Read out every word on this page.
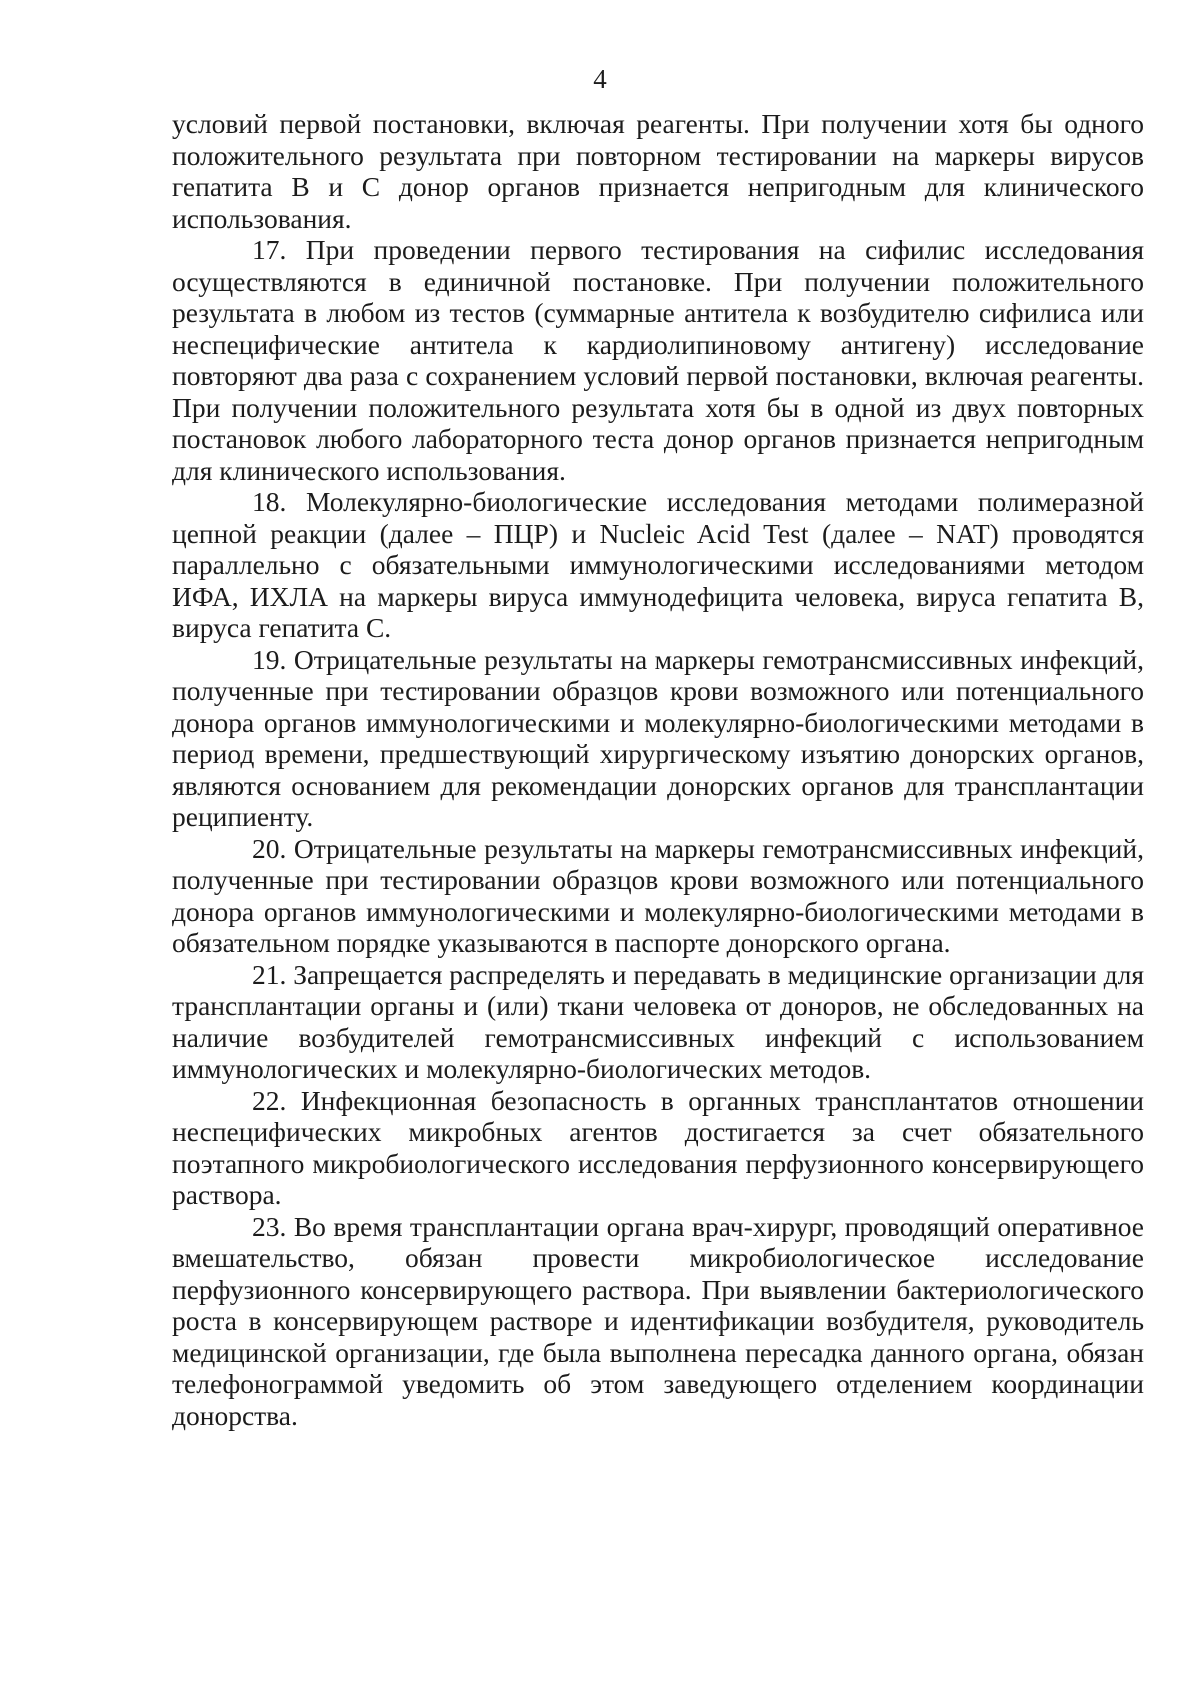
4

условий первой постановки, включая реагенты. При получении хотя бы одного положительного результата при повторном тестировании на маркеры вирусов гепатита В и С донор органов признается непригодным для клинического использования.

17. При проведении первого тестирования на сифилис исследования осуществляются в единичной постановке. При получении положительного результата в любом из тестов (суммарные антитела к возбудителю сифилиса или неспецифические антитела к кардиолипиновому антигену) исследование повторяют два раза с сохранением условий первой постановки, включая реагенты. При получении положительного результата хотя бы в одной из двух повторных постановок любого лабораторного теста донор органов признается непригодным для клинического использования.

18. Молекулярно-биологические исследования методами полимеразной цепной реакции (далее – ПЦР) и Nucleic Acid Test (далее – NAT) проводятся параллельно с обязательными иммунологическими исследованиями методом ИФА, ИХЛА на маркеры вируса иммунодефицита человека, вируса гепатита В, вируса гепатита С.

19. Отрицательные результаты на маркеры гемотрансмиссивных инфекций, полученные при тестировании образцов крови возможного или потенциального донора органов иммунологическими и молекулярно-биологическими методами в период времени, предшествующий хирургическому изъятию донорских органов, являются основанием для рекомендации донорских органов для трансплантации реципиенту.

20. Отрицательные результаты на маркеры гемотрансмиссивных инфекций, полученные при тестировании образцов крови возможного или потенциального донора органов иммунологическими и молекулярно-биологическими методами в обязательном порядке указываются в паспорте донорского органа.

21. Запрещается распределять и передавать в медицинские организации для трансплантации органы и (или) ткани человека от доноров, не обследованных на наличие возбудителей гемотрансмиссивных инфекций с использованием иммунологических и молекулярно-биологических методов.

22. Инфекционная безопасность в органных трансплантатов отношении неспецифических микробных агентов достигается за счет обязательного поэтапного микробиологического исследования перфузионного консервирующего раствора.

23. Во время трансплантации органа врач-хирург, проводящий оперативное вмешательство, обязан провести микробиологическое исследование перфузионного консервирующего раствора. При выявлении бактериологического роста в консервирующем растворе и идентификации возбудителя, руководитель медицинской организации, где была выполнена пересадка данного органа, обязан телефонограммой уведомить об этом заведующего отделением координации донорства.
